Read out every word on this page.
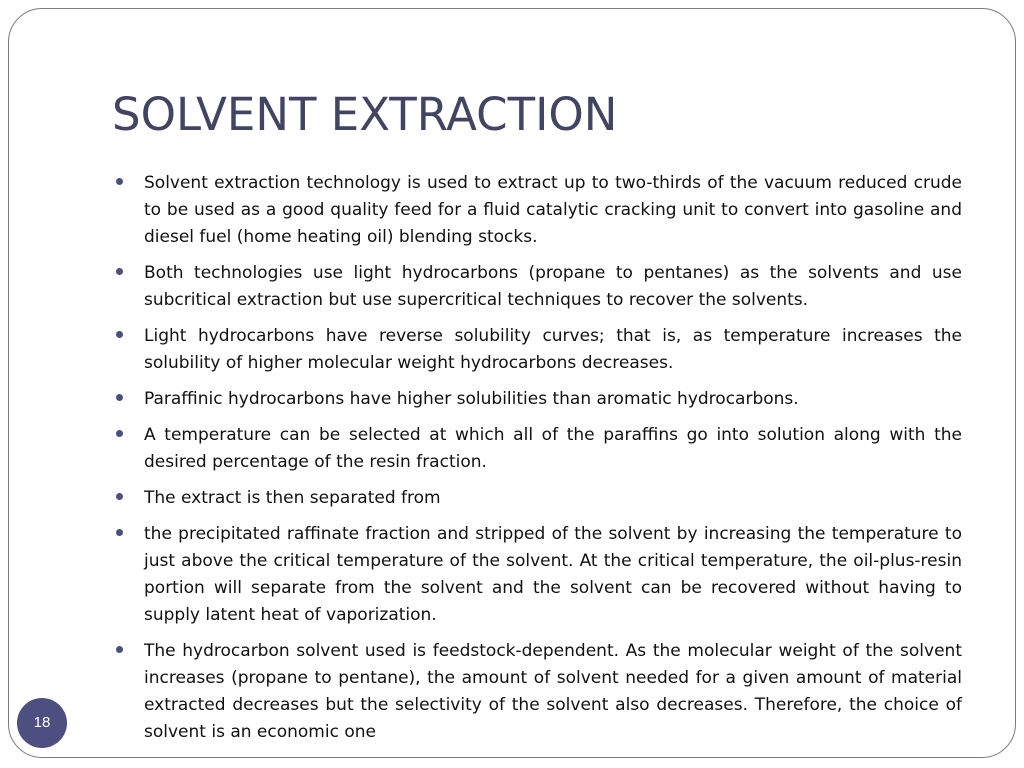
SOLVENT EXTRACTION
Solvent extraction technology is used to extract up to two-thirds of the vacuum reduced crude to be used as a good quality feed for a fluid catalytic cracking unit to convert into gasoline and diesel fuel (home heating oil) blending stocks.
Both technologies use light hydrocarbons (propane to pentanes) as the solvents and use subcritical extraction but use supercritical techniques to recover the solvents.
Light hydrocarbons have reverse solubility curves; that is, as temperature increases the solubility of higher molecular weight hydrocarbons decreases.
Paraffinic hydrocarbons have higher solubilities than aromatic hydrocarbons.
A temperature can be selected at which all of the paraffins go into solution along with the desired percentage of the resin fraction.
The extract is then separated from
the precipitated raffinate fraction and stripped of the solvent by increasing the temperature to just above the critical temperature of the solvent. At the critical temperature, the oil-plus-resin portion will separate from the solvent and the solvent can be recovered without having to supply latent heat of vaporization.
The hydrocarbon solvent used is feedstock-dependent. As the molecular weight of the solvent increases (propane to pentane), the amount of solvent needed for a given amount of material extracted decreases but the selectivity of the solvent also decreases. Therefore, the choice of solvent is an economic one
18
